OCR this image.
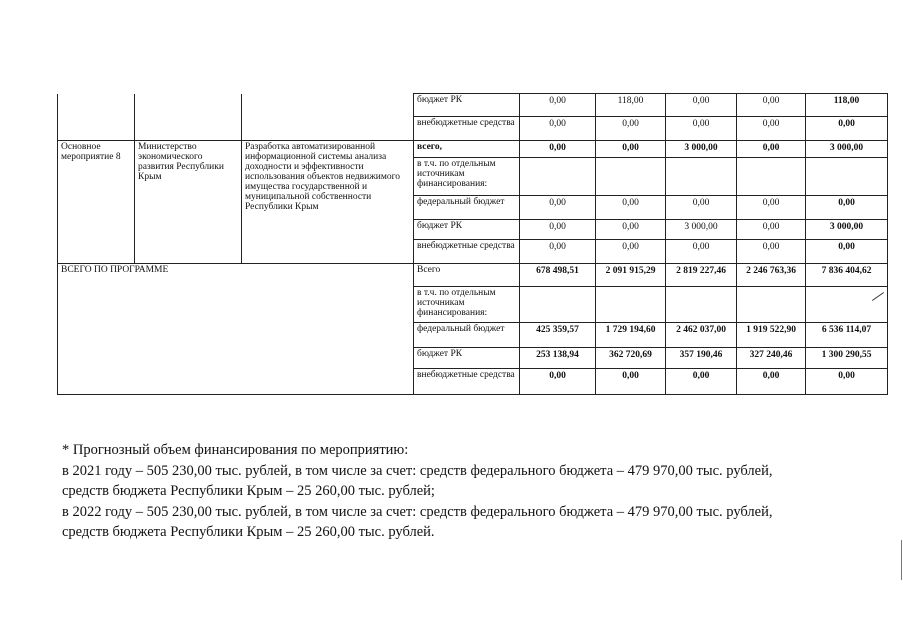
			бюджет РК	0,00	118,00	0,00	0,00	118,00
			внебюджетные средства	0,00	0,00	0,00	0,00	0,00
Основное мероприятие 8	Министерство экономического развития Республики Крым	Разработка автоматизированной информационной системы анализа доходности и эффективности использования объектов недвижимого имущества государственной и муниципальной собственности Республики Крым	всего,	0,00	0,00	3 000,00	0,00	3 000,00
			в т.ч. по отдельным источникам финансирования:					
			федеральный бюджет	0,00	0,00	0,00	0,00	0,00
			бюджет РК	0,00	0,00	3 000,00	0,00	3 000,00
			внебюджетные средства	0,00	0,00	0,00	0,00	0,00
ВСЕГО ПО ПРОГРАММЕ			Всего	678 498,51	2 091 915,29	2 819 227,46	2 246 763,36	7 836 404,62
			в т.ч. по отдельным источникам финансирования:					
			федеральный бюджет	425 359,57	1 729 194,60	2 462 037,00	1 919 522,90	6 536 114,07
			бюджет РК	253 138,94	362 720,69	357 190,46	327 240,46	1 300 290,55
			внебюджетные средства	0,00	0,00	0,00	0,00	0,00
* Прогнозный объем финансирования по мероприятию:
в 2021 году – 505 230,00 тыс. рублей, в том числе за счет: средств федерального бюджета – 479 970,00 тыс. рублей,
средств бюджета Республики Крым – 25 260,00 тыс. рублей;
в 2022 году – 505 230,00 тыс. рублей, в том числе за счет: средств федерального бюджета – 479 970,00 тыс. рублей,
средств бюджета Республики Крым – 25 260,00 тыс. рублей.
